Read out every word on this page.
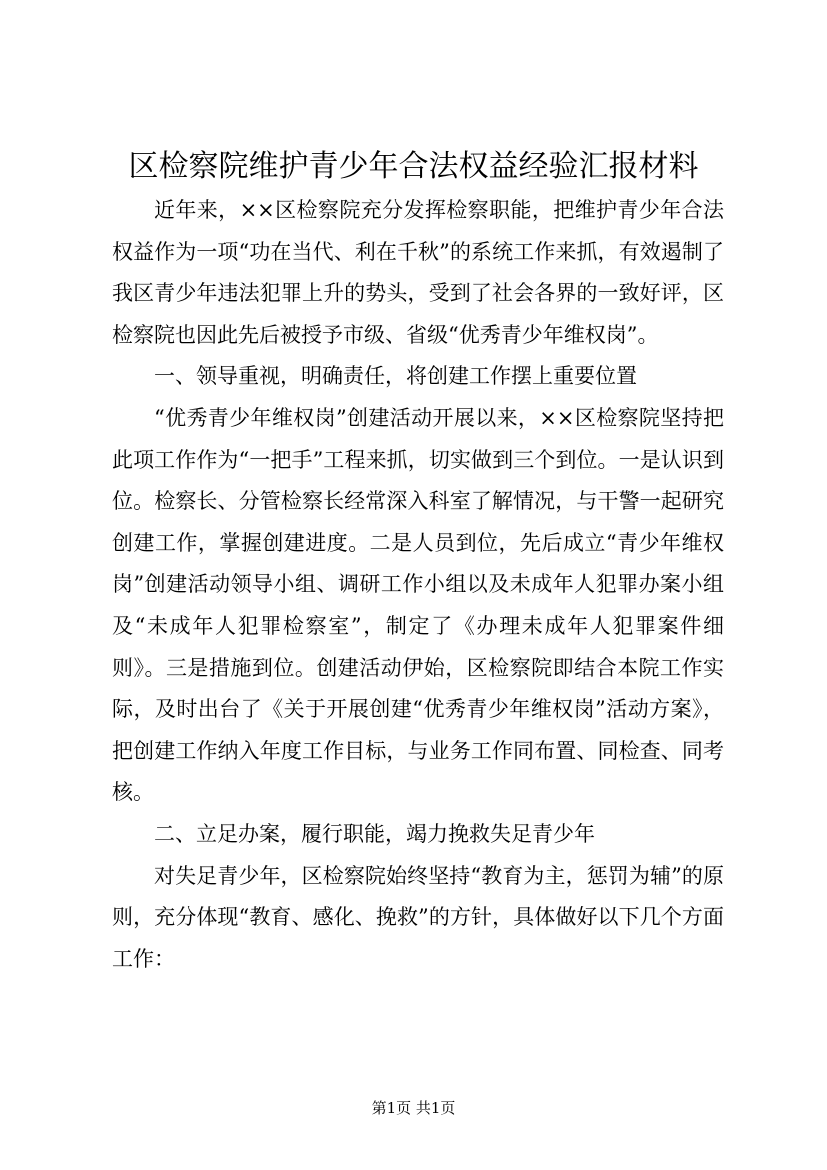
区检察院维护青少年合法权益经验汇报材料

近年来，××区检察院充分发挥检察职能，把维护青少年合法权益作为一项“功在当代、利在千秋”的系统工作来抓，有效遏制了我区青少年违法犯罪上升的势头，受到了社会各界的一致好评，区检察院也因此先后被授予市级、省级“优秀青少年维权岗”。

一、领导重视，明确责任，将创建工作摆上重要位置

“优秀青少年维权岗”创建活动开展以来，××区检察院坚持把此项工作作为“一把手”工程来抓，切实做到三个到位。一是认识到位。检察长、分管检察长经常深入科室了解情况，与干警一起研究创建工作，掌握创建进度。二是人员到位，先后成立“青少年维权岗”创建活动领导小组、调研工作小组以及未成年人犯罪办案小组及“未成年人犯罪检察室”，制定了《办理未成年人犯罪案件细则》。三是措施到位。创建活动伊始，区检察院即结合本院工作实际，及时出台了《关于开展创建“优秀青少年维权岗”活动方案》，把创建工作纳入年度工作目标，与业务工作同布置、同检查、同考核。

二、立足办案，履行职能，竭力挽救失足青少年

对失足青少年，区检察院始终坚持“教育为主，惩罚为辅”的原则，充分体现“教育、感化、挽救”的方针，具体做好以下几个方面工作：

第1页 共1页
